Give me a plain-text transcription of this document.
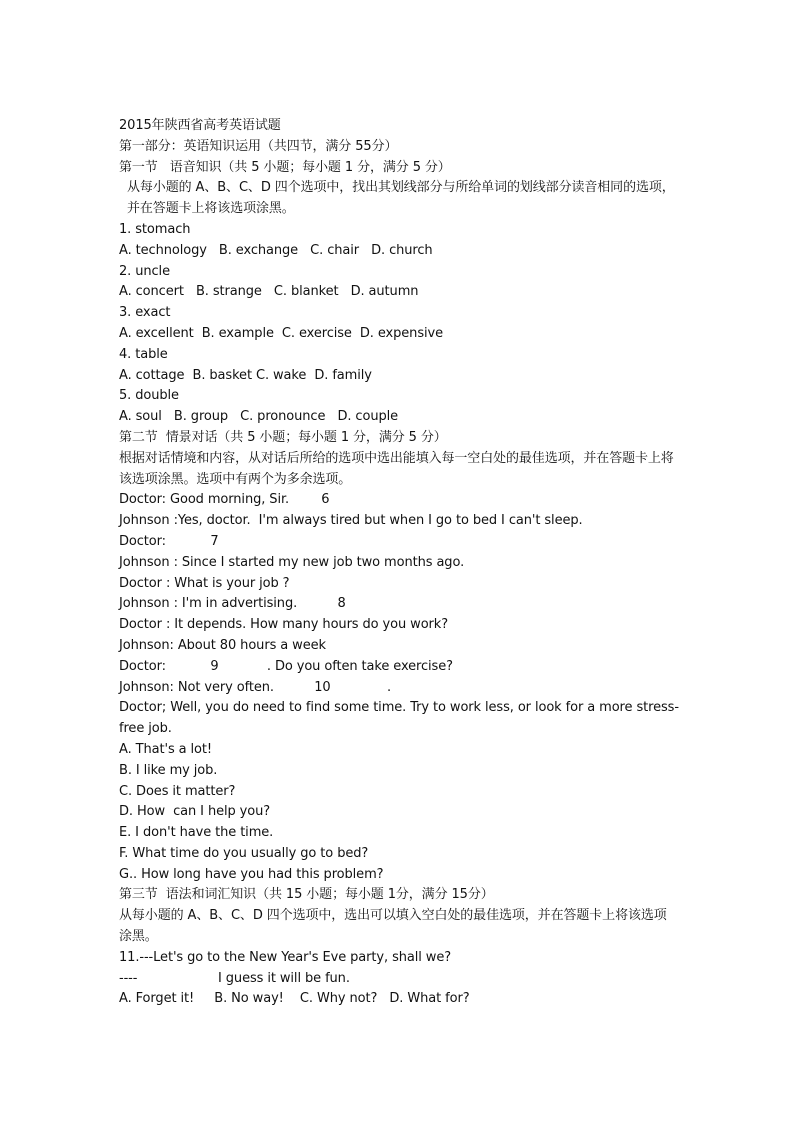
2015年陕西省高考英语试题
第一部分：英语知识运用（共四节，满分 55分）
第一节   语音知识（共 5 小题；每小题 1 分，满分 5 分）
从每小题的 A、B、C、D 四个选项中，找出其划线部分与所给单词的划线部分读音相同的选项，并在答题卡上将该选项涂黑。
1. stomach
A. technology   B. exchange   C. chair   D. church
2. uncle
A. concert   B. strange   C. blanket   D. autumn
3. exact
A. excellent  B. example  C. exercise  D. expensive
4. table
A. cottage  B. basket C. wake  D. family
5. double
A. soul   B. group   C. pronounce   D. couple
第二节  情景对话（共 5 小题；每小题 1 分，满分 5 分）
根据对话情境和内容，从对话后所给的选项中选出能填入每一空白处的最佳选项，并在答题卡上将该选项涂黑。选项中有两个为多余选项。
Doctor: Good morning, Sir.        6
Johnson :Yes, doctor.  I'm always tired but when I go to bed I can't sleep.
Doctor:           7
Johnson : Since I started my new job two months ago.
Doctor : What is your job ?
Johnson : I'm in advertising.          8
Doctor : It depends. How many hours do you work?
Johnson: About 80 hours a week
Doctor:           9            . Do you often take exercise?
Johnson: Not very often.          10              .
Doctor; Well, you do need to find some time. Try to work less, or look for a more stress-free job.
A. That's a lot!
B. I like my job.
C. Does it matter?
D. How  can I help you?
E. I don't have the time.
F. What time do you usually go to bed?
G.. How long have you had this problem?
第三节  语法和词汇知识（共 15 小题；每小题 1分，满分 15分）
从每小题的 A、B、C、D 四个选项中，选出可以填入空白处的最佳选项，并在答题卡上将该选项涂黑。
11.---Let's go to the New Year's Eve party, shall we?
----                    I guess it will be fun.
A. Forget it!     B. No way!    C. Why not?   D. What for?
